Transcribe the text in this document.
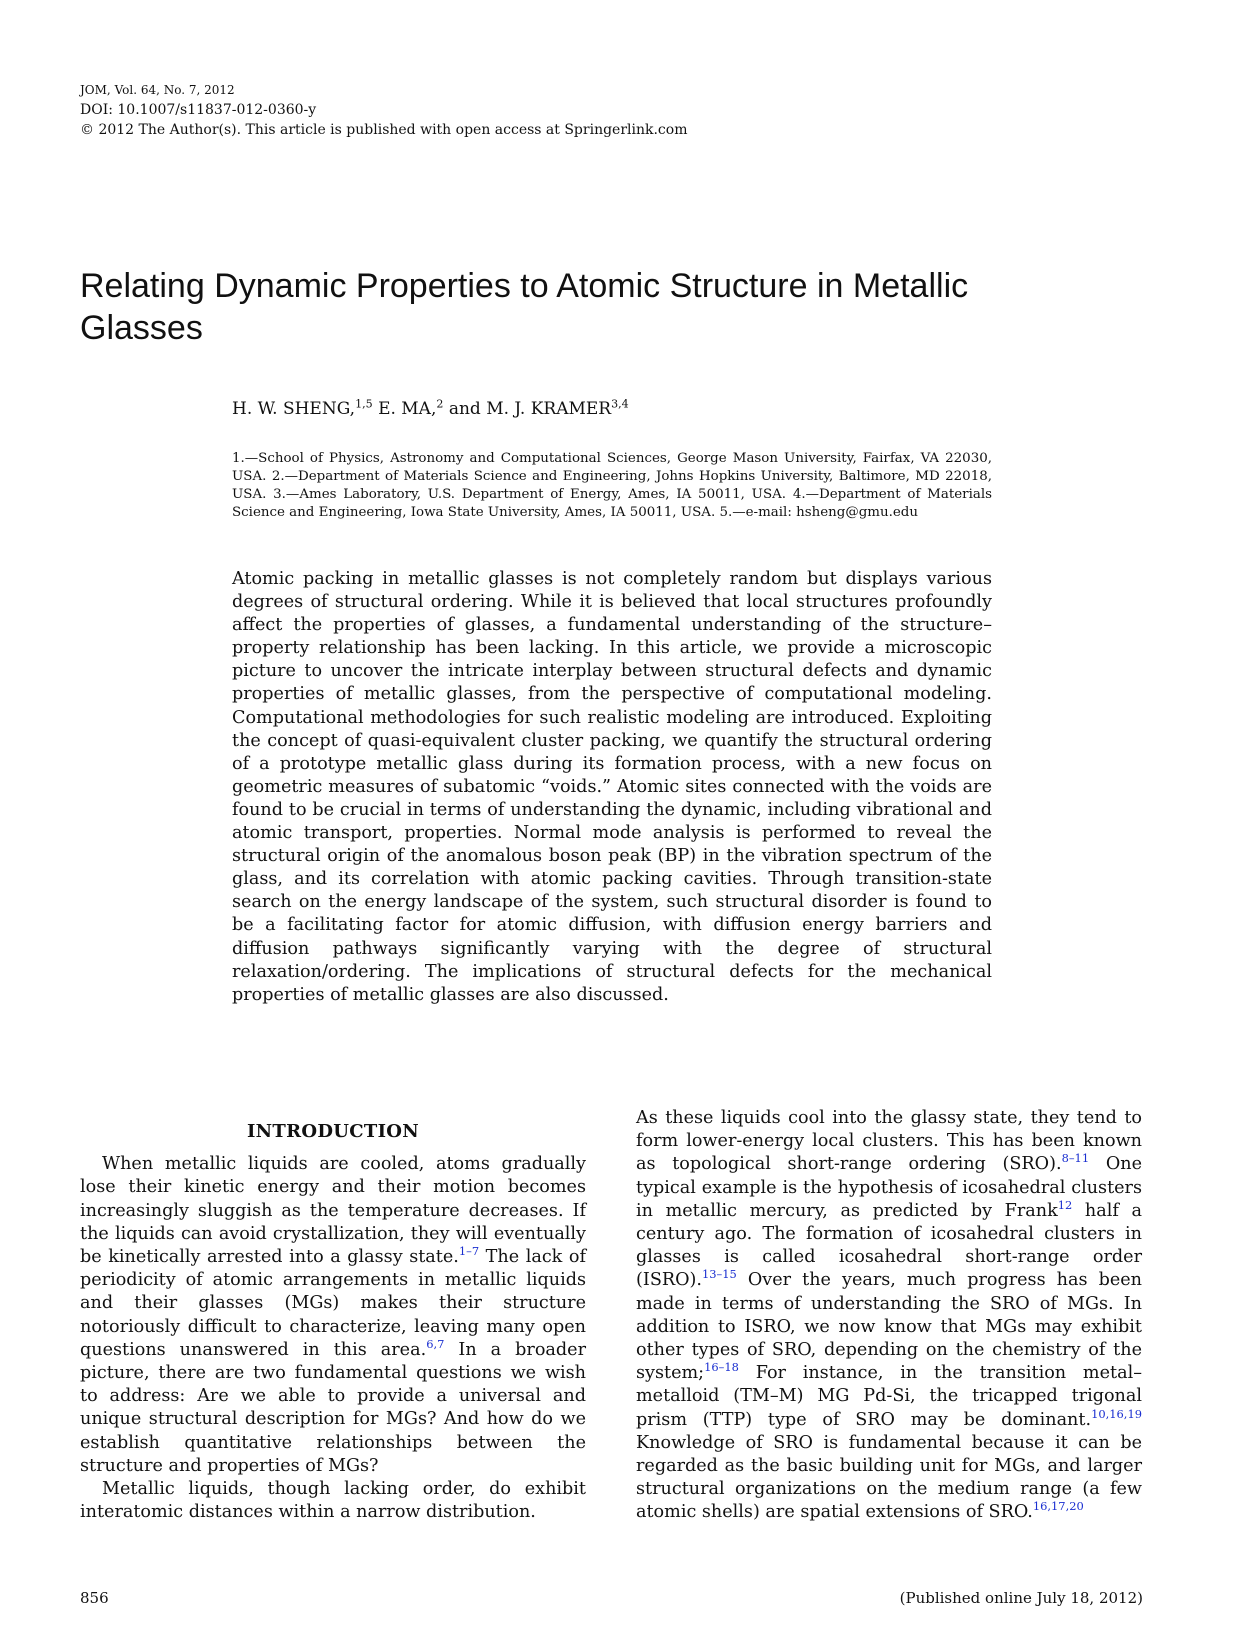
JOM, Vol. 64, No. 7, 2012
DOI: 10.1007/s11837-012-0360-y
© 2012 The Author(s). This article is published with open access at Springerlink.com
Relating Dynamic Properties to Atomic Structure in Metallic Glasses
H. W. SHENG,$^{1,5}$ E. MA,$^2$ and M. J. KRAMER$^{3,4}$

1.—School of Physics, Astronomy and Computational Sciences, George Mason University, Fairfax, VA 22030, USA. 2.—Department of Materials Science and Engineering, Johns Hopkins University, Baltimore, MD 22018, USA. 3.—Ames Laboratory, U.S. Department of Energy, Ames, IA 50011, USA. 4.—Department of Materials Science and Engineering, Iowa State University, Ames, IA 50011, USA. 5.—e-mail: hsheng@gmu.edu

Atomic packing in metallic glasses is not completely random but displays various degrees of structural ordering. While it is believed that local structures profoundly affect the properties of glasses, a fundamental understanding of the structure–property relationship has been lacking. In this article, we provide a microscopic picture to uncover the intricate interplay between structural defects and dynamic properties of metallic glasses, from the perspective of computational modeling. Computational methodologies for such realistic modeling are introduced. Exploiting the concept of quasi-equivalent cluster packing, we quantify the structural ordering of a prototype metallic glass during its formation process, with a new focus on geometric measures of subatomic “voids.” Atomic sites connected with the voids are found to be crucial in terms of understanding the dynamic, including vibrational and atomic transport, properties. Normal mode analysis is performed to reveal the structural origin of the anomalous boson peak (BP) in the vibration spectrum of the glass, and its correlation with atomic packing cavities. Through transition-state search on the energy landscape of the system, such structural disorder is found to be a facilitating factor for atomic diffusion, with diffusion energy barriers and diffusion pathways significantly varying with the degree of structural relaxation/ordering. The implications of structural defects for the mechanical properties of metallic glasses are also discussed.

INTRODUCTION

When metallic liquids are cooled, atoms gradually lose their kinetic energy and their motion becomes increasingly sluggish as the temperature decreases. If the liquids can avoid crystallization, they will eventually be kinetically arrested into a glassy state.$^{1-7}$ The lack of periodicity of atomic arrangements in metallic liquids and their glasses (MGs) makes their structure notoriously difficult to characterize, leaving many open questions unanswered in this area.$^{6,7}$ In a broader picture, there are two fundamental questions we wish to address: Are we able to provide a universal and unique structural description for MGs? And how do we establish quantitative relationships between the structure and properties of MGs?

Metallic liquids, though lacking order, do exhibit interatomic distances within a narrow distribution.

As these liquids cool into the glassy state, they tend to form lower-energy local clusters. This has been known as topological short-range ordering (SRO).$^{8-11}$ One typical example is the hypothesis of icosahedral clusters in metallic mercury, as predicted by Frank$^{12}$ half a century ago. The formation of icosahedral clusters in glasses is called icosahedral short-range order (ISRO).$^{13-15}$ Over the years, much progress has been made in terms of understanding the SRO of MGs. In addition to ISRO, we now know that MGs may exhibit other types of SRO, depending on the chemistry of the system;$^{16-18}$ For instance, in the transition metal–metalloid (TM–M) MG Pd-Si, the tricapped trigonal prism (TTP) type of SRO may be dominant.$^{10,16,19}$ Knowledge of SRO is fundamental because it can be regarded as the basic building unit for MGs, and larger structural organizations on the medium range (a few atomic shells) are spatial extensions of SRO.$^{16,17,20}$

856	(Published online July 18, 2012)
